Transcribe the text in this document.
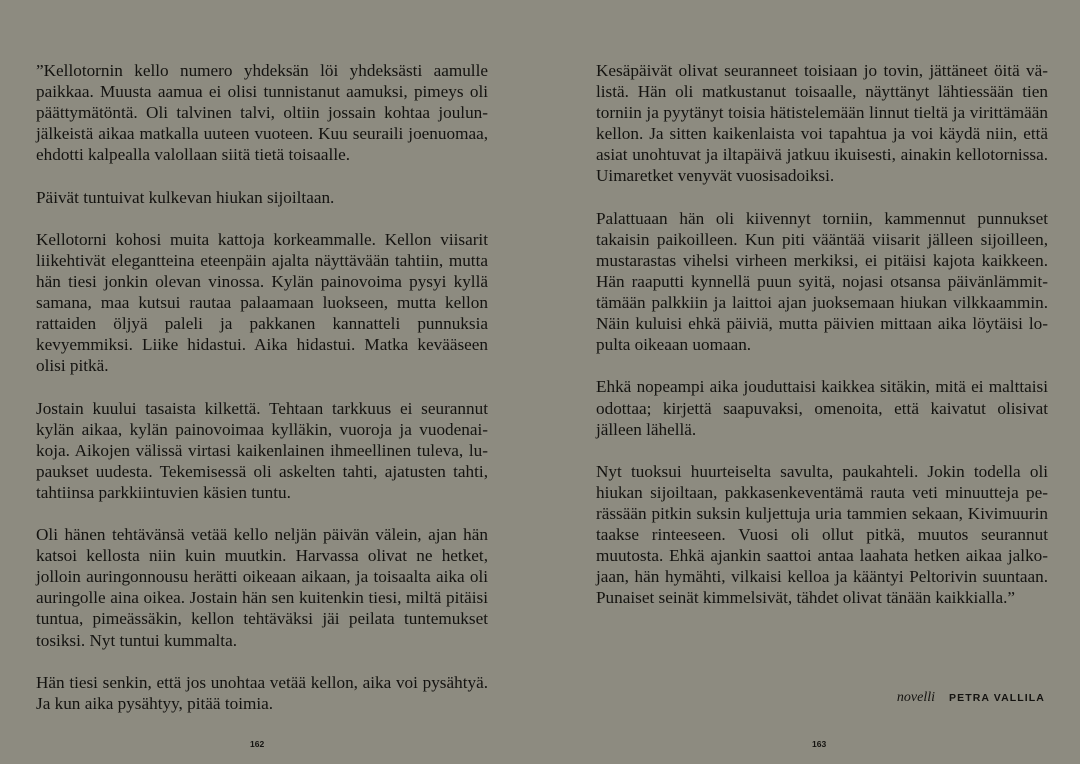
”Kellotornin kello numero yhdeksän löi yhdeksästi aamulle paikkaa. Muusta aamua ei olisi tunnistanut aamuksi, pimeys oli päättymätöntä. Oli talvinen talvi, oltiin jossain kohtaa joulunjälkeistä aikaa matkalla uuteen vuoteen. Kuu seuraili joenuomaa, ehdotti kalpealla valollaan siitä tietä toisaalle.

Päivät tuntuivat kulkevan hiukan sijoiltaan.

Kellotorni kohosi muita kattoja korkeammalle. Kellon viisarit liikehtivät elegantteina eteenpäin ajalta näyttävään tahtiin, mutta hän tiesi jonkin olevan vinossa. Kylän painovoima pysyi kyllä samana, maa kutsui rautaa palaamaan luokseen, mutta kellon rattaiden öljyä paleli ja pakkanen kannatteli punnuksia kevyemmiksi. Liike hidastui. Aika hidastui. Matka kevääseen olisi pitkä.

Jostain kuului tasaista kilkettä. Tehtaan tarkkuus ei seurannut kylän aikaa, kylän painovoimaa kylläkin, vuoroja ja vuodenaikoja. Aikojen välissä virtasi kaikenlainen ihmeellinen tuleva, lupaukset uudesta. Tekemisessä oli askelten tahti, ajatusten tahti, tahtiinsa parkkiintuvien käsien tuntu.

Oli hänen tehtävänsä vetää kello neljän päivän välein, ajan hän katsoi kellosta niin kuin muutkin. Harvassa olivat ne hetket, jolloin auringonnousu herätti oikeaan aikaan, ja toisaalta aika oli auringolle aina oikea. Jostain hän sen kuitenkin tiesi, miltä pitäisi tuntua, pimeässäkin, kellon tehtäväksi jäi peilata tuntemukset tosiksi. Nyt tuntui kummalta.

Hän tiesi senkin, että jos unohtaa vetää kellon, aika voi pysähtyä. Ja kun aika pysähtyy, pitää toimia.

162

Kesäpäivät olivat seuranneet toisiaan jo tovin, jättäneet öitä välistä. Hän oli matkustanut toisaalle, näyttänyt lähtiessään tien torniin ja pyytänyt toisia hätistelemään linnut tieltä ja virittämään kellon. Ja sitten kaikenlaista voi tapahtua ja voi käydä niin, että asiat unohtuvat ja iltapäivä jatkuu ikuisesti, ainakin kellotornissa. Uimaretket venyvät vuosisadoiksi.

Palattuaan hän oli kiivennyt torniin, kammennut punnukset takaisin paikoilleen. Kun piti vääntää viisarit jälleen sijoilleen, mustarastas vihelsi virheen merkiksi, ei pitäisi kajota kaikkeen. Hän raaputti kynnellä puun syitä, nojasi otsansa päivänlämmittämään palkkiin ja laittoi ajan juoksemaan hiukan vilkkaammin. Näin kuluisi ehkä päiviä, mutta päivien mittaan aika löytäisi lopulta oikeaan uomaan.

Ehkä nopeampi aika jouduttaisi kaikkea sitäkin, mitä ei malttaisi odottaa; kirjettä saapuvaksi, omenoita, että kaivatut olisivat jälleen lähellä.

Nyt tuoksui huurteiselta savulta, paukahteli. Jokin todella oli hiukan sijoiltaan, pakkasenkeventämä rauta veti minuutteja perässään pitkin suksin kuljettuja uria tammien sekaan, Kivimuurin taakse rinteeseen. Vuosi oli ollut pitkä, muutos seurannut muutosta. Ehkä ajankin saattoi antaa laahata hetken aikaa jalkojaan, hän hymähti, vilkaisi kelloa ja kääntyi Peltorivin suuntaan. Punaiset seinät kimmelsivät, tähdet olivat tänään kaikkialla.”

novelli PETRA VALLILA
163
